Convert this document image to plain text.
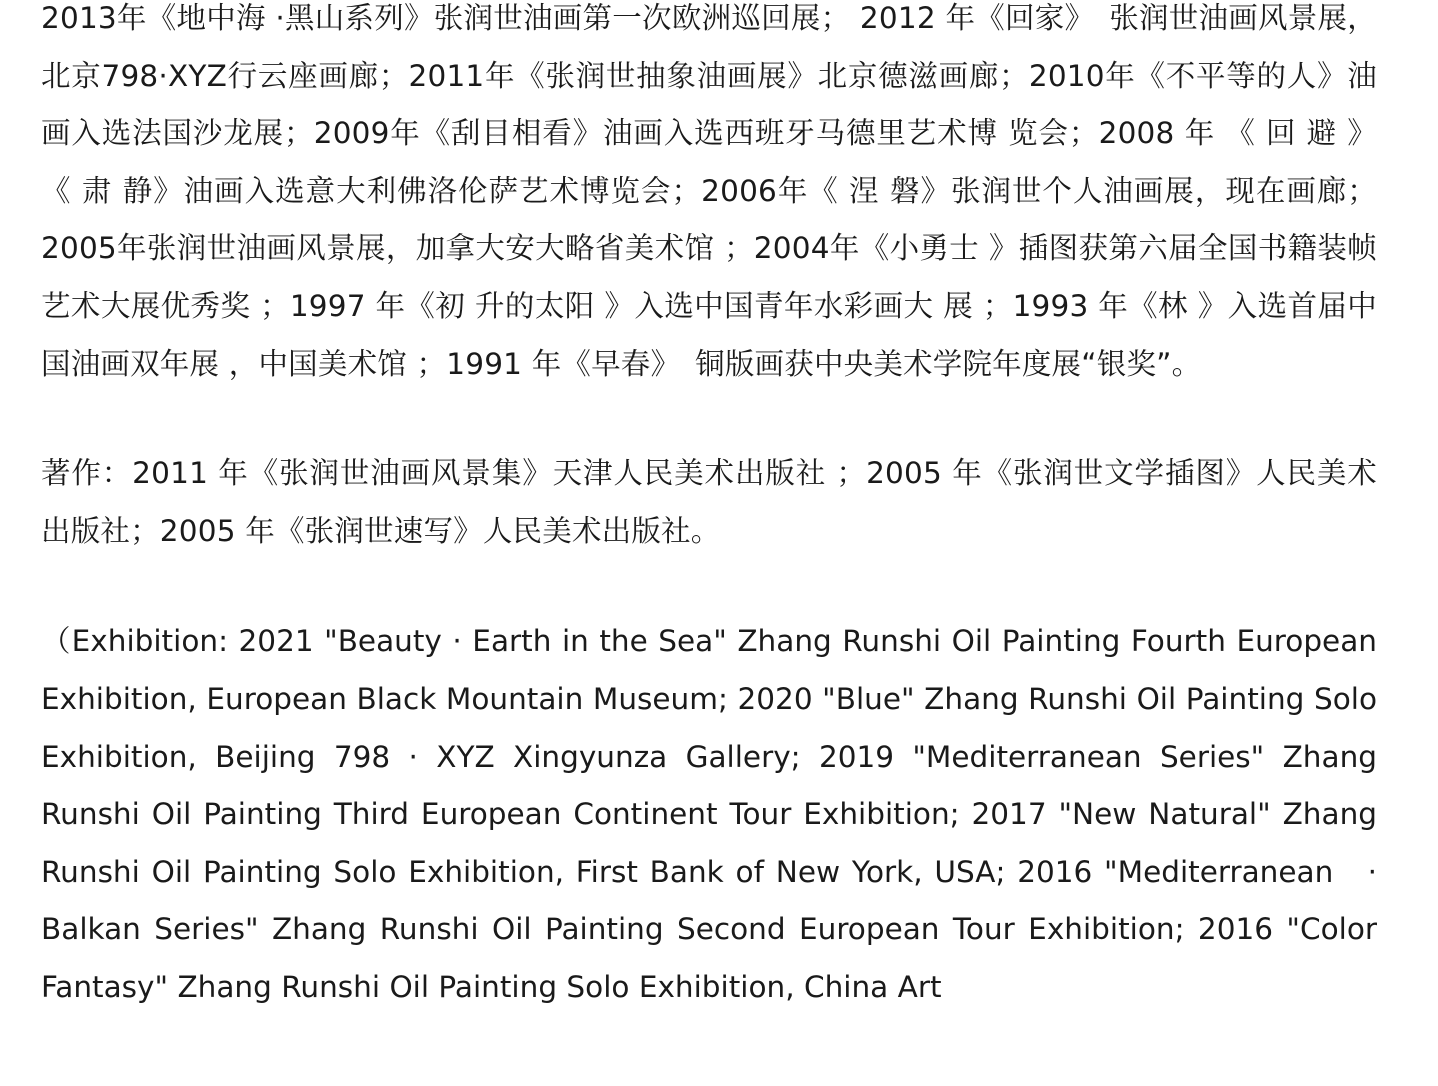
2013年《地中海 ·黑山系列》张润世油画第一次欧洲巡回展； 2012 年《回家》　张润世油画风景展，北京798·XYZ行云座画廊；2011年《张润世抽象油画展》北京德滋画廊；2010年《不平等的人》油画入选法国沙龙展；2009年《刮目相看》油画入选西班牙马德里艺术博 览会；2008 年 《 回 避 》 《 肃 静》油画入选意大利佛洛伦萨艺术博览会；2006年《 涅 磐》张润世个人油画展，现在画廊；2005年张润世油画风景展，加拿大安大略省美术馆 ；2004年《小勇士 》插图获第六届全国书籍装帧艺术大展优秀奖 ；1997 年《初 升的太阳 》入选中国青年水彩画大 展 ；1993 年《林 》入选首届中国油画双年展 ，中国美术馆 ；1991 年《早春》　铜版画获中央美术学院年度展“银奖”。

著作：2011 年《张润世油画风景集》天津人民美术出版社 ；2005 年《张润世文学插图》人民美术出版社；2005 年《张润世速写》人民美术出版社。

（Exhibition: 2021 "Beauty · Earth in the Sea" Zhang Runshi Oil Painting Fourth European Exhibition, European Black Mountain Museum; 2020 "Blue" Zhang Runshi Oil Painting Solo Exhibition, Beijing 798 · XYZ Xingyunza Gallery; 2019 "Mediterranean Series" Zhang Runshi Oil Painting Third European Continent Tour Exhibition; 2017 "New Natural" Zhang Runshi Oil Painting Solo Exhibition, First Bank of New York, USA; 2016 "Mediterranean　· Balkan Series" Zhang Runshi Oil Painting Second European Tour Exhibition; 2016 "Color Fantasy" Zhang Runshi Oil Painting Solo Exhibition, China Art
